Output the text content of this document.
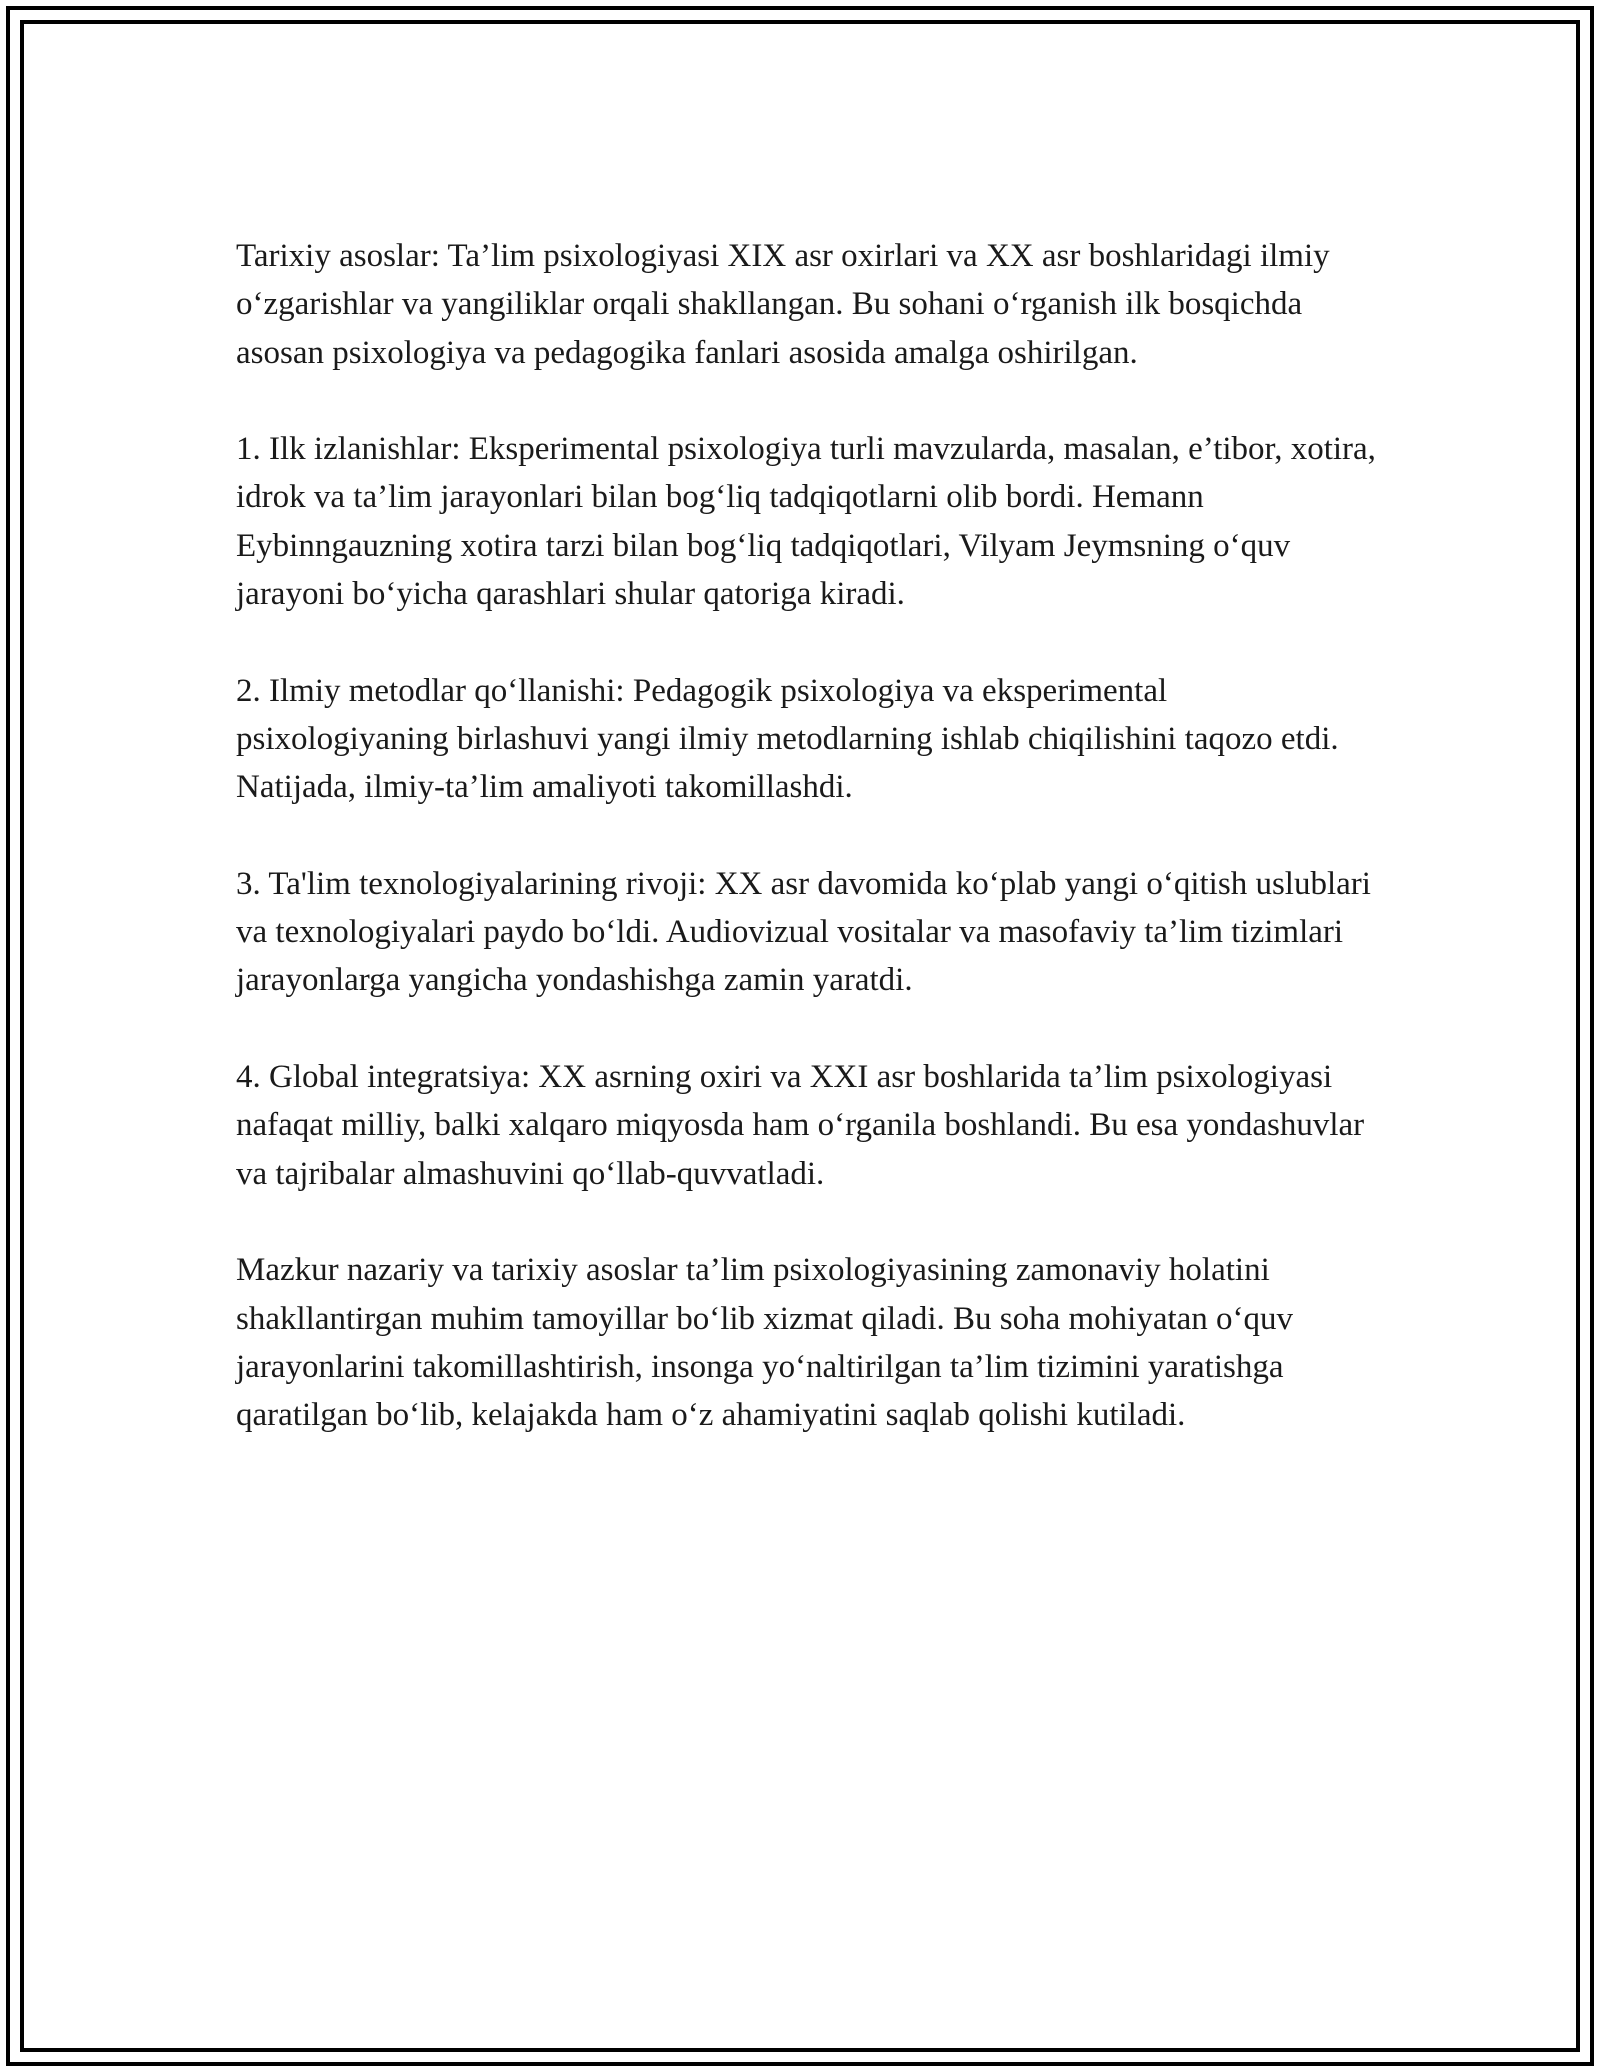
Tarixiy asoslar: Ta’lim psixologiyasi XIX asr oxirlari va XX asr boshlaridagi ilmiy o‘zgarishlar va yangiliklar orqali shakllangan. Bu sohani o‘rganish ilk bosqichda asosan psixologiya va pedagogika fanlari asosida amalga oshirilgan.

1. Ilk izlanishlar: Eksperimental psixologiya turli mavzularda, masalan, e’tibor, xotira, idrok va ta’lim jarayonlari bilan bog‘liq tadqiqotlarni olib bordi. Hemann Eybinngauzning xotira tarzi bilan bog‘liq tadqiqotlari, Vilyam Jeymsning o‘quv jarayoni bo‘yicha qarashlari shular qatoriga kiradi.

2. Ilmiy metodlar qo‘llanishi: Pedagogik psixologiya va eksperimental psixologiyaning birlashuvi yangi ilmiy metodlarning ishlab chiqilishini taqozo etdi. Natijada, ilmiy-ta’lim amaliyoti takomillashdi.

3. Ta'lim texnologiyalarining rivoji: XX asr davomida ko‘plab yangi o‘qitish uslublari va texnologiyalari paydo bo‘ldi. Audiovizual vositalar va masofaviy ta’lim tizimlari jarayonlarga yangicha yondashishga zamin yaratdi.

4. Global integratsiya: XX asrning oxiri va XXI asr boshlarida ta’lim psixologiyasi nafaqat milliy, balki xalqaro miqyosda ham o‘rganila boshlandi. Bu esa yondashuvlar va tajribalar almashuvini qo‘llab-quvvatladi.

Mazkur nazariy va tarixiy asoslar ta’lim psixologiyasining zamonaviy holatini shakllantirgan muhim tamoyillar bo‘lib xizmat qiladi. Bu soha mohiyatan o‘quv jarayonlarini takomillashtirish, insonga yo‘naltirilgan ta’lim tizimini yaratishga qaratilgan bo‘lib, kelajakda ham o‘z ahamiyatini saqlab qolishi kutiladi.
